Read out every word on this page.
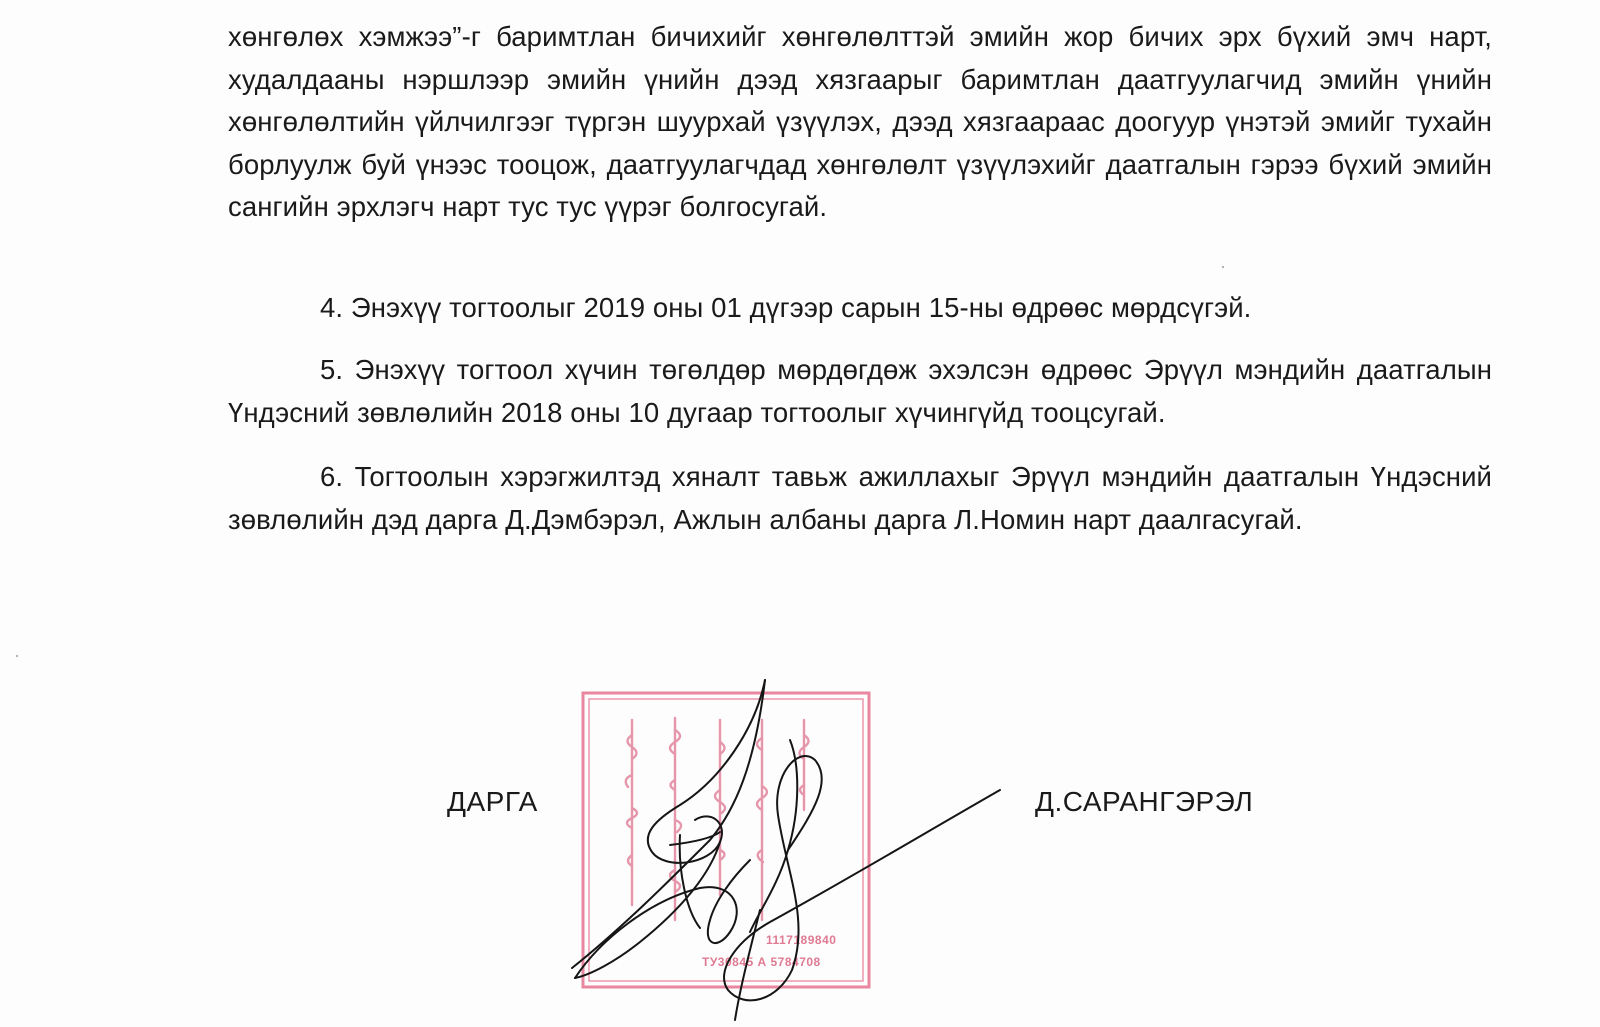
хөнгөлөх хэмжээ”-г баримтлан бичихийг хөнгөлөлттэй эмийн жор бичих эрх бүхий эмч нарт, худалдааны нэршлээр эмийн үнийн дээд хязгаарыг баримтлан даатгуулагчид эмийн үнийн хөнгөлөлтийн үйлчилгээг түргэн шуурхай үзүүлэх, дээд хязгаараас доогуур үнэтэй эмийг тухайн борлуулж буй үнээс тооцож, даатгуулагчдад хөнгөлөлт үзүүлэхийг даатгалын гэрээ бүхий эмийн сангийн эрхлэгч нарт тус тус үүрэг болгосугай.
4. Энэхүү тогтоолыг 2019 оны 01 дүгээр сарын 15-ны өдрөөс мөрдсүгэй.
5. Энэхүү тогтоол хүчин төгөлдөр мөрдөгдөж эхэлсэн өдрөөс Эрүүл мэндийн даатгалын Үндэсний зөвлөлийн 2018 оны 10 дугаар тогтоолыг хүчингүйд тооцсугай.
6. Тогтоолын хэрэгжилтэд хяналт тавьж ажиллахыг Эрүүл мэндийн даатгалын Үндэсний зөвлөлийн дэд дарга Д.Дэмбэрэл, Ажлын албаны дарга Л.Номин нарт даалгасугай.
1117189840
ТУ30845 А 5784708
ДАРГА	Д.САРАНГЭРЭЛ
